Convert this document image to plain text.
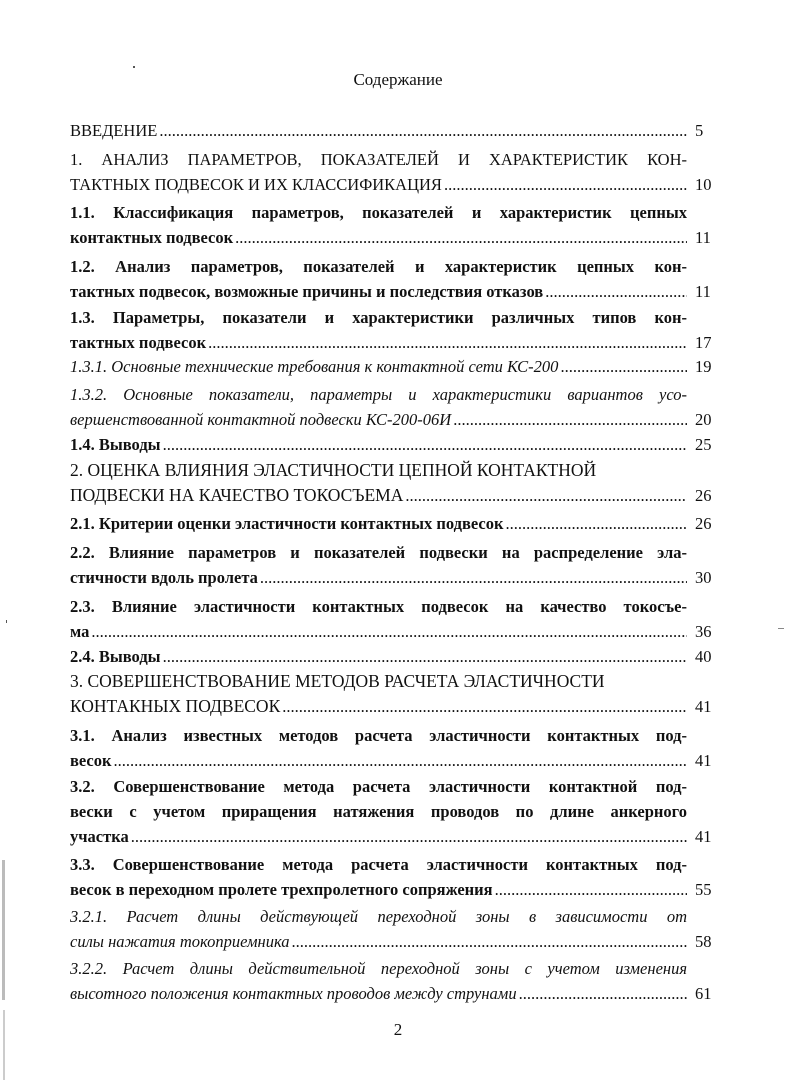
Содержание
ВВЕДЕНИЕ .....	5
1. АНАЛИЗ ПАРАМЕТРОВ, ПОКАЗАТЕЛЕЙ И ХАРАКТЕРИСТИК КОН-
ТАКТНЫХ ПОДВЕСОК И ИХ КЛАССИФИКАЦИЯ .....	10
1.1. Классификация параметров, показателей и характеристик цепных
контактных подвесок .....	11
1.2. Анализ параметров, показателей и характеристик цепных кон-
тактных подвесок, возможные причины и последствия отказов .....	11
1.3. Параметры, показатели и характеристики различных типов кон-
тактных подвесок .....	17
1.3.1. Основные технические требования к контактной сети КС-200 .....	19
1.3.2. Основные показатели, параметры и характеристики вариантов усо-
вершенствованной контактной подвески КС-200-06И .....	20
1.4. Выводы .....	25
2. ОЦЕНКА ВЛИЯНИЯ ЭЛАСТИЧНОСТИ ЦЕПНОЙ КОНТАКТНОЙ
ПОДВЕСКИ НА КАЧЕСТВО ТОКОСЪЕМА .....	26
2.1. Критерии оценки эластичности контактных подвесок .....	26
2.2. Влияние параметров и показателей подвески на распределение эла-
стичности вдоль пролета .....	30
2.3. Влияние эластичности контактных подвесок на качество токосъе-
ма .....	36
2.4. Выводы .....	40
3. СОВЕРШЕНСТВОВАНИЕ МЕТОДОВ РАСЧЕТА ЭЛАСТИЧНОСТИ
КОНТАКНЫХ ПОДВЕСОК .....	41
3.1. Анализ известных методов расчета эластичности контактных под-
весок .....	41
3.2. Совершенствование метода расчета эластичности контактной под-
вески с учетом приращения натяжения проводов по длине анкерного
участка .....	41
3.3. Совершенствование метода расчета эластичности контактных под-
весок в переходном пролете трехпролетного сопряжения .....	55
3.2.1. Расчет длины действующей переходной зоны в зависимости от
силы нажатия токоприемника .....	58
3.2.2. Расчет длины действительной переходной зоны с учетом изменения
высотного положения контактных проводов между струнами .....	61
2
